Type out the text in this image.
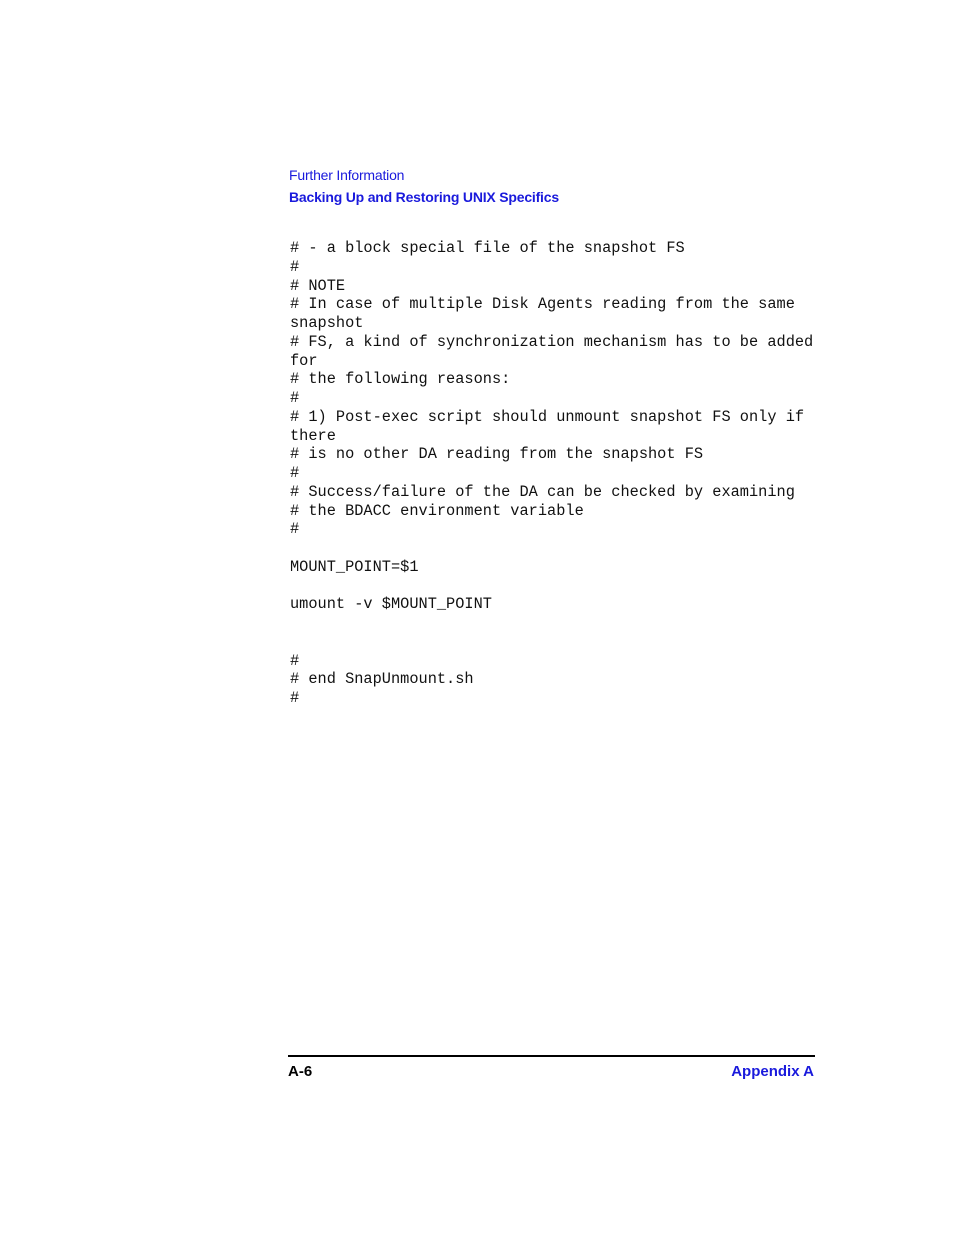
Further Information
Backing Up and Restoring UNIX Specifics
# - a block special file of the snapshot FS
#
# NOTE
# In case of multiple Disk Agents reading from the same
snapshot
# FS, a kind of synchronization mechanism has to be added
for
# the following reasons:
#
# 1) Post-exec script should unmount snapshot FS only if
there
# is no other DA reading from the snapshot FS
#
# Success/failure of the DA can be checked by examining
# the BDACC environment variable
#
MOUNT_POINT=$1
umount -v $MOUNT_POINT
#
# end SnapUnmount.sh
#
A-6	Appendix A
